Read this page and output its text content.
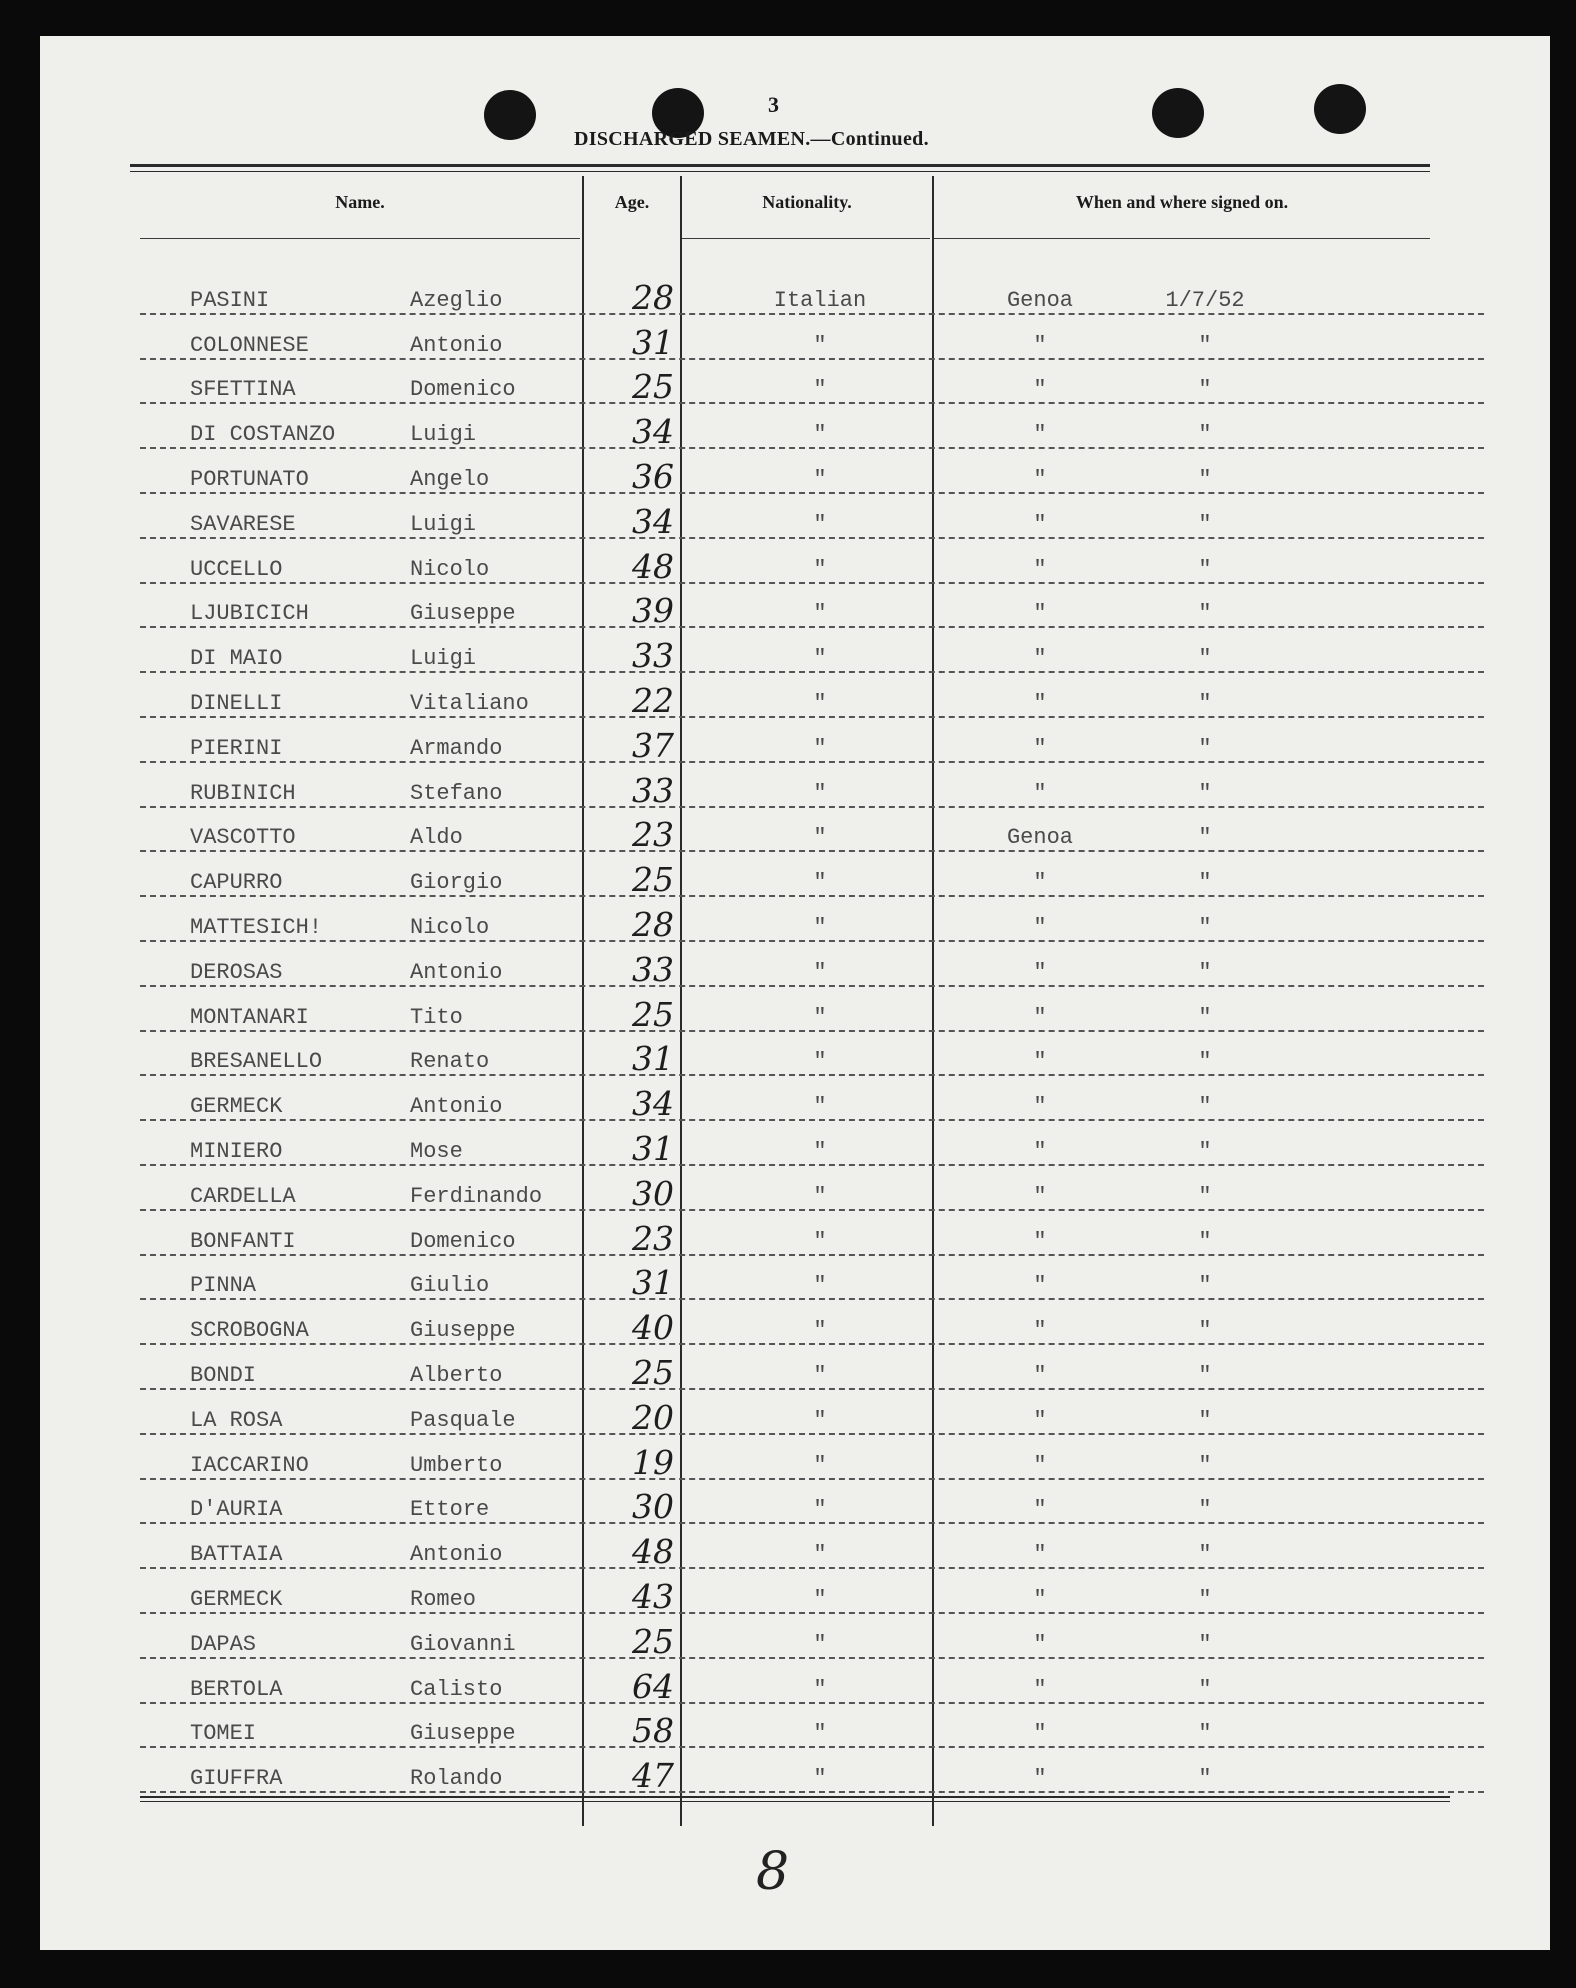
3
DISCHARGED SEAMEN.—Continued.
Name.	Age.	Nationality.	When and where signed on.
PASINI	Azeglio	28	Italian	Genoa	1/7/52
COLONNESE	Antonio	31	"	"	"
SFETTINA	Domenico	25	"	"	"
DI COSTANZO	Luigi	34	"	"	"
PORTUNATO	Angelo	36	"	"	"
SAVARESE	Luigi	34	"	"	"
UCCELLO	Nicolo	48	"	"	"
LJUBICICH	Giuseppe	39	"	"	"
DI MAIO	Luigi	33	"	"	"
DINELLI	Vitaliano	22	"	"	"
PIERINI	Armando	37	"	"	"
RUBINICH	Stefano	33	"	"	"
VASCOTTO	Aldo	23	"	Genoa	"
CAPURRO	Giorgio	25	"	"	"
MATTESICH!	Nicolo	28	"	"	"
DEROSAS	Antonio	33	"	"	"
MONTANARI	Tito	25	"	"	"
BRESANELLO	Renato	31	"	"	"
GERMECK	Antonio	34	"	"	"
MINIERO	Mose	31	"	"	"
CARDELLA	Ferdinando	30	"	"	"
BONFANTI	Domenico	23	"	"	"
PINNA	Giulio	31	"	"	"
SCROBOGNA	Giuseppe	40	"	"	"
BONDI	Alberto	25	"	"	"
LA ROSA	Pasquale	20	"	"	"
IACCARINO	Umberto	19	"	"	"
D'AURIA	Ettore	30	"	"	"
BATTAIA	Antonio	48	"	"	"
GERMECK	Romeo	43	"	"	"
DAPAS	Giovanni	25	"	"	"
BERTOLA	Calisto	64	"	"	"
TOMEI	Giuseppe	58	"	"	"
GIUFFRA	Rolando	47	"	"	"
8
